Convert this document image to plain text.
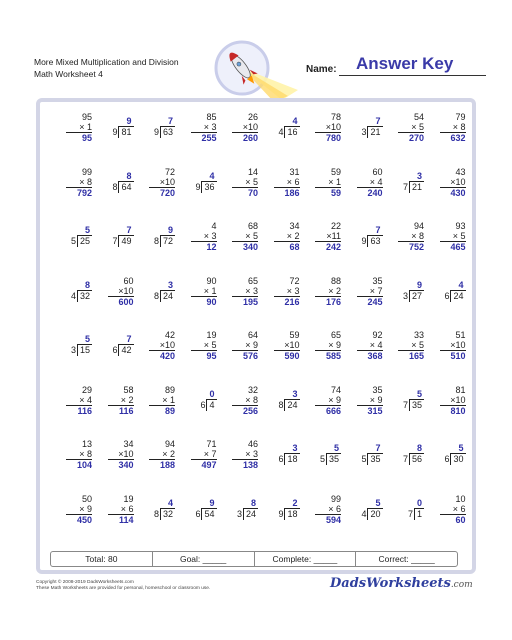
More Mixed Multiplication and Division
Math Worksheet 4	Name: Answer Key
95
× 1
95
9
9 81
7
9 63
85
× 3
255
26
×10
260
4
4 16
78
×10
780
7
3 21
54
× 5
270
79
× 8
632
99
× 8
792
8
8 64
72
×10
720
4
9 36
14
× 5
70
31
× 6
186
59
× 1
59
60
× 4
240
3
7 21
43
×10
430
5
5 25
7
7 49
9
8 72
4
× 3
12
68
× 5
340
34
× 2
68
22
×11
242
7
9 63
94
× 8
752
93
× 5
465
8
4 32
60
×10
600
3
8 24
90
× 1
90
65
× 3
195
72
× 3
216
88
× 2
176
35
× 7
245
9
3 27
4
6 24
5
3 15
7
6 42
42
×10
420
19
× 5
95
64
× 9
576
59
×10
590
65
× 9
585
92
× 4
368
33
× 5
165
51
×10
510
29
× 4
116
58
× 2
116
89
× 1
89
0
6 4
32
× 8
256
3
8 24
74
× 9
666
35
× 9
315
5
7 35
81
×10
810
13
× 8
104
34
×10
340
94
× 2
188
71
× 7
497
46
× 3
138
3
6 18
5
5 35
7
5 35
8
7 56
5
6 30
50
× 9
450
19
× 6
114
4
8 32
9
6 54
8
3 24
2
9 18
99
× 6
594
5
4 20
0
7 1
10
× 6
60
Total: 80	Goal: _____	Complete: _____	Correct: _____
Copyright © 2008-2019 DadsWorksheets.com
These Math Worksheets are provided for personal, homeschool or classroom use.	DadsWorksheets.com
